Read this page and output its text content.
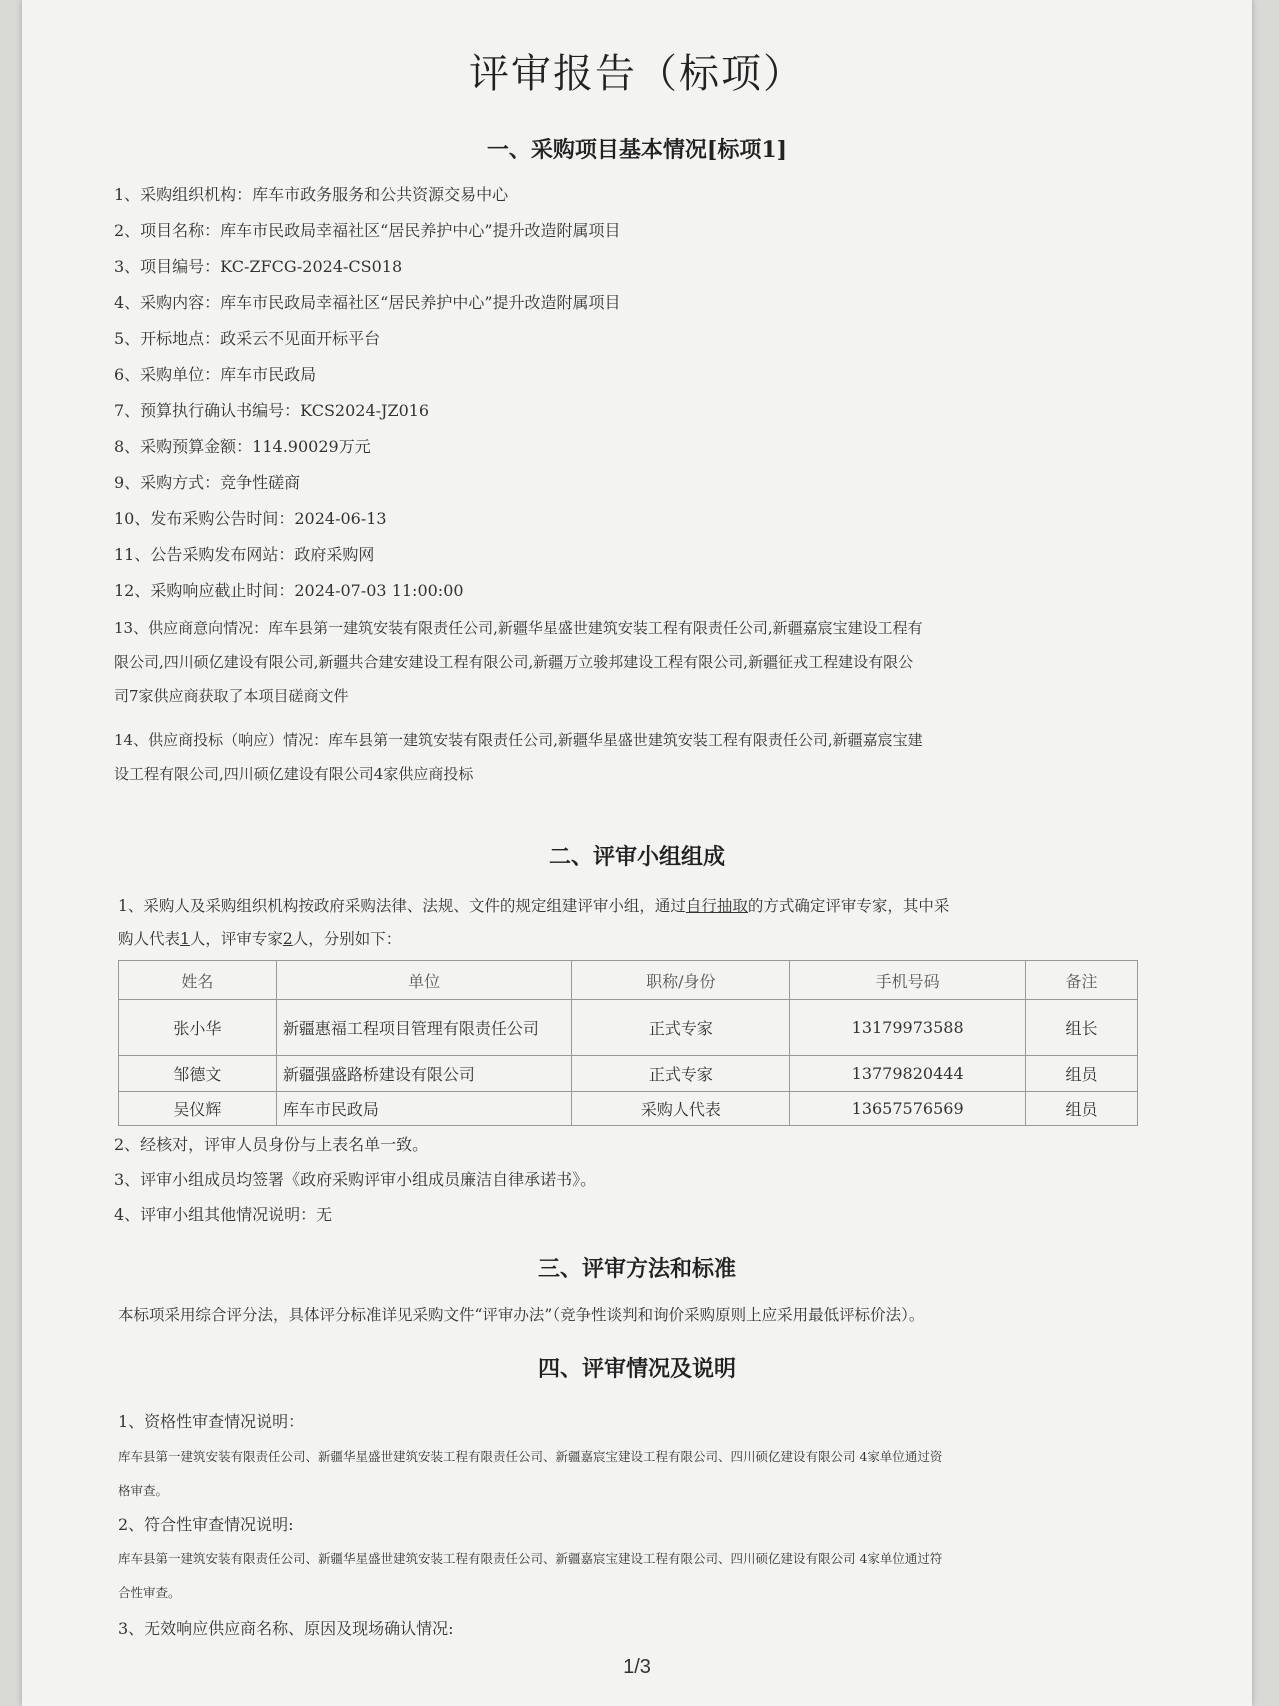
评审报告（标项）
一、采购项目基本情况[标项1]
1、采购组织机构：库车市政务服务和公共资源交易中心
2、项目名称：库车市民政局幸福社区“居民养护中心”提升改造附属项目
3、项目编号：KC-ZFCG-2024-CS018
4、采购内容：库车市民政局幸福社区“居民养护中心”提升改造附属项目
5、开标地点：政采云不见面开标平台
6、采购单位：库车市民政局
7、预算执行确认书编号：KCS2024-JZ016
8、采购预算金额：114.90029万元
9、采购方式：竞争性磋商
10、发布采购公告时间：2024-06-13
11、公告采购发布网站：政府采购网
12、采购响应截止时间：2024-07-03 11:00:00
13、供应商意向情况：库车县第一建筑安装有限责任公司,新疆华星盛世建筑安装工程有限责任公司,新疆嘉宸宝建设工程有
限公司,四川硕亿建设有限公司,新疆共合建安建设工程有限公司,新疆万立骏邦建设工程有限公司,新疆征戎工程建设有限公
司7家供应商获取了本项目磋商文件
14、供应商投标（响应）情况：库车县第一建筑安装有限责任公司,新疆华星盛世建筑安装工程有限责任公司,新疆嘉宸宝建
设工程有限公司,四川硕亿建设有限公司4家供应商投标
二、评审小组组成
1、采购人及采购组织机构按政府采购法律、法规、文件的规定组建评审小组，通过自行抽取的方式确定评审专家，其中采
购人代表1人，评审专家2人，分别如下：
姓名	单位	职称/身份	手机号码	备注
张小华	新疆惠福工程项目管理有限责任公司	正式专家	13179973588	组长
邹德文	新疆强盛路桥建设有限公司	正式专家	13779820444	组员
吴仪辉	库车市民政局	采购人代表	13657576569	组员
2、经核对，评审人员身份与上表名单一致。
3、评审小组成员均签署《政府采购评审小组成员廉洁自律承诺书》。
4、评审小组其他情况说明：无
三、评审方法和标准
本标项采用综合评分法，具体评分标准详见采购文件“评审办法”（竞争性谈判和询价采购原则上应采用最低评标价法）。
四、评审情况及说明
1、资格性审查情况说明：
库车县第一建筑安装有限责任公司、新疆华星盛世建筑安装工程有限责任公司、新疆嘉宸宝建设工程有限公司、四川硕亿建设有限公司 4家单位通过资
格审查。
2、符合性审查情况说明:
库车县第一建筑安装有限责任公司、新疆华星盛世建筑安装工程有限责任公司、新疆嘉宸宝建设工程有限公司、四川硕亿建设有限公司 4家单位通过符
合性审查。
3、无效响应供应商名称、原因及现场确认情况:
1/3
